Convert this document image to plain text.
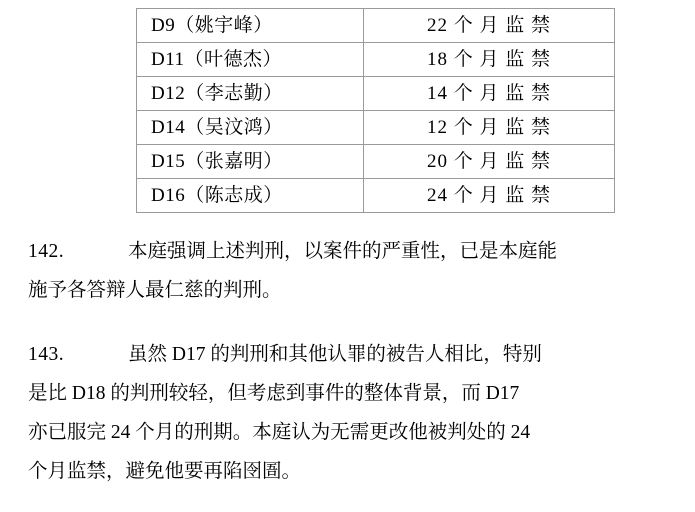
D9（姚宇峰）	22 个 月 监 禁
D11（叶德杰）	18 个 月 监 禁
D12（李志勤）	14 个 月 监 禁
D14（吴汶鸿）	12 个 月 监 禁
D15（张嘉明）	20 个 月 监 禁
D16（陈志成）	24 个 月 监 禁
142.	本庭强调上述判刑，以案件的严重性，已是本庭能
施予各答辩人最仁慈的判刑。
143.	虽然 D17 的判刑和其他认罪的被告人相比，特别
是比 D18 的判刑较轻，但考虑到事件的整体背景，而 D17
亦已服完 24 个月的刑期。本庭认为无需更改他被判处的 24
个月监禁，避免他要再陷囹圄。
